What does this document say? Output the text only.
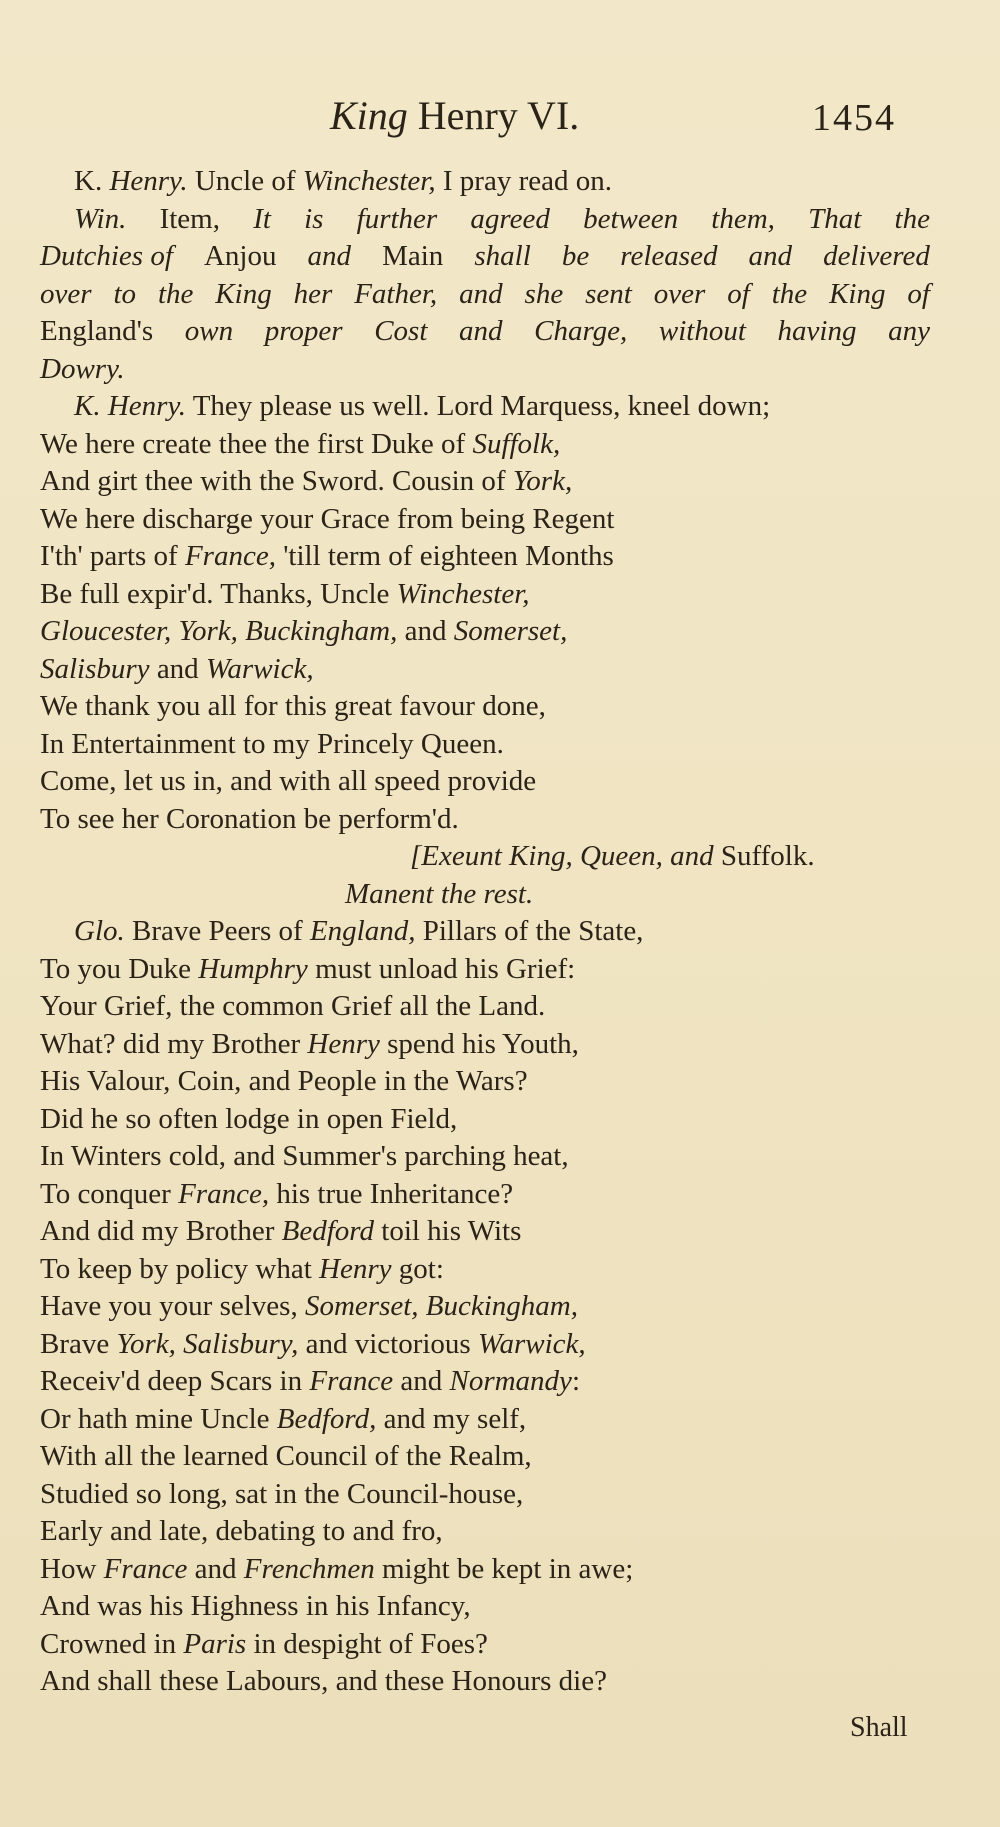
King Henry VI.	1454
K. Henry. Uncle of Winchester, I pray read on.
Win. Item, It is further agreed between them, That the
Dutchies of Anjou and Main shall be released and delivered
over to the King her Father, and she sent over of the King of
England's own proper Cost and Charge, without having any
Dowry.
K. Henry. They please us well. Lord Marquess, kneel down;
We here create thee the first Duke of Suffolk,
And girt thee with the Sword. Cousin of York,
We here discharge your Grace from being Regent
I'th' parts of France, 'till term of eighteen Months
Be full expir'd. Thanks, Uncle Winchester,
Gloucester, York, Buckingham, and Somerset,
Salisbury and Warwick,
We thank you all for this great favour done,
In Entertainment to my Princely Queen.
Come, let us in, and with all speed provide
To see her Coronation be perform'd.
[Exeunt King, Queen, and Suffolk.
Manent the rest.
Glo. Brave Peers of England, Pillars of the State,
To you Duke Humphry must unload his Grief:
Your Grief, the common Grief all the Land.
What? did my Brother Henry spend his Youth,
His Valour, Coin, and People in the Wars?
Did he so often lodge in open Field,
In Winters cold, and Summer's parching heat,
To conquer France, his true Inheritance?
And did my Brother Bedford toil his Wits
To keep by policy what Henry got:
Have you your selves, Somerset, Buckingham,
Brave York, Salisbury, and victorious Warwick,
Receiv'd deep Scars in France and Normandy:
Or hath mine Uncle Bedford, and my self,
With all the learned Council of the Realm,
Studied so long, sat in the Council-house,
Early and late, debating to and fro,
How France and Frenchmen might be kept in awe;
And was his Highness in his Infancy,
Crowned in Paris in despight of Foes?
And shall these Labours, and these Honours die?
Shall
